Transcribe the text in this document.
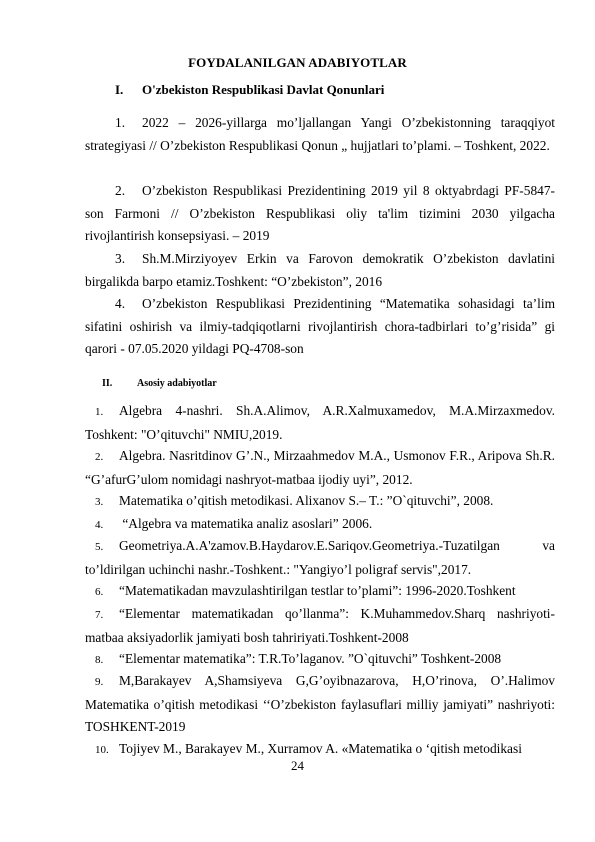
FOYDALANILGAN ADABIYOTLAR
I. O'zbekiston Respublikasi Davlat Qonunlari
1. 2022 – 2026-yillarga mo’ljallangan Yangi O’zbekistonning taraqqiyot strategiyasi // O’zbekiston Respublikasi Qonun „ hujjatlari to’plami. – Toshkent, 2022.
2. O’zbekiston Respublikasi Prezidentining 2019 yil 8 oktyabrdagi PF-5847- son Farmoni // O’zbekiston Respublikasi oliy ta'lim tizimini 2030 yilgacha rivojlantirish konsepsiyasi. – 2019
3. Sh.M.Mirziyoyev Erkin va Farovon demokratik O’zbekiston davlatini birgalikda barpo etamiz.Toshkent: “O’zbekiston”, 2016
4. O’zbekiston Respublikasi Prezidentining “Matematika sohasidagi ta’lim sifatini oshirish va ilmiy-tadqiqotlarni rivojlantirish chora-tadbirlari to’g’risida” gi qarori - 07.05.2020 yildagi PQ-4708-son
II. Asosiy adabiyotlar
1. Algebra 4-nashri. Sh.A.Alimov, A.R.Xalmuxamedov, M.A.Mirzaxmedov. Toshkent: "O’qituvchi" NMIU,2019.
2. Algebra. Nasritdinov G’.N., Mirzaahmedov M.A., Usmonov F.R., Aripova Sh.R. “G’afurG’ulom nomidagi nashryot-matbaa ijodiy uyi”, 2012.
3. Matematika o’qitish metodikasi. Alixanov S.– T.: ”O`qituvchi”, 2008.
4. “Algebra va matematika analiz asoslari” 2006.
5. Geometriya.A.A'zamov.B.Haydarov.E.Sariqov.Geometriya.-Tuzatilgan va to’ldirilgan uchinchi nashr.-Toshkent.: "Yangiyo’l poligraf servis",2017.
6. “Matematikadan mavzulashtirilgan testlar to’plami”: 1996-2020.Toshkent
7. “Elementar matematikadan qo’llanma”: K.Muhammedov.Sharq nashriyoti-matbaa aksiyadorlik jamiyati bosh tahririyati.Toshkent-2008
8. “Elementar matematika”: T.R.To’laganov. ”O`qituvchi” Toshkent-2008
9. M,Barakayev A,Shamsiyeva G,G’oyibnazarova, H,O’rinova, O’.Halimov Matematika o’qitish metodikasi ‘‘O’zbekiston faylasuflari milliy jamiyati” nashriyoti: TOSHKENT-2019
10. Tojiyev M., Barakayev M., Xurramov A. «Matematika o ‘qitish metodikasi
24
